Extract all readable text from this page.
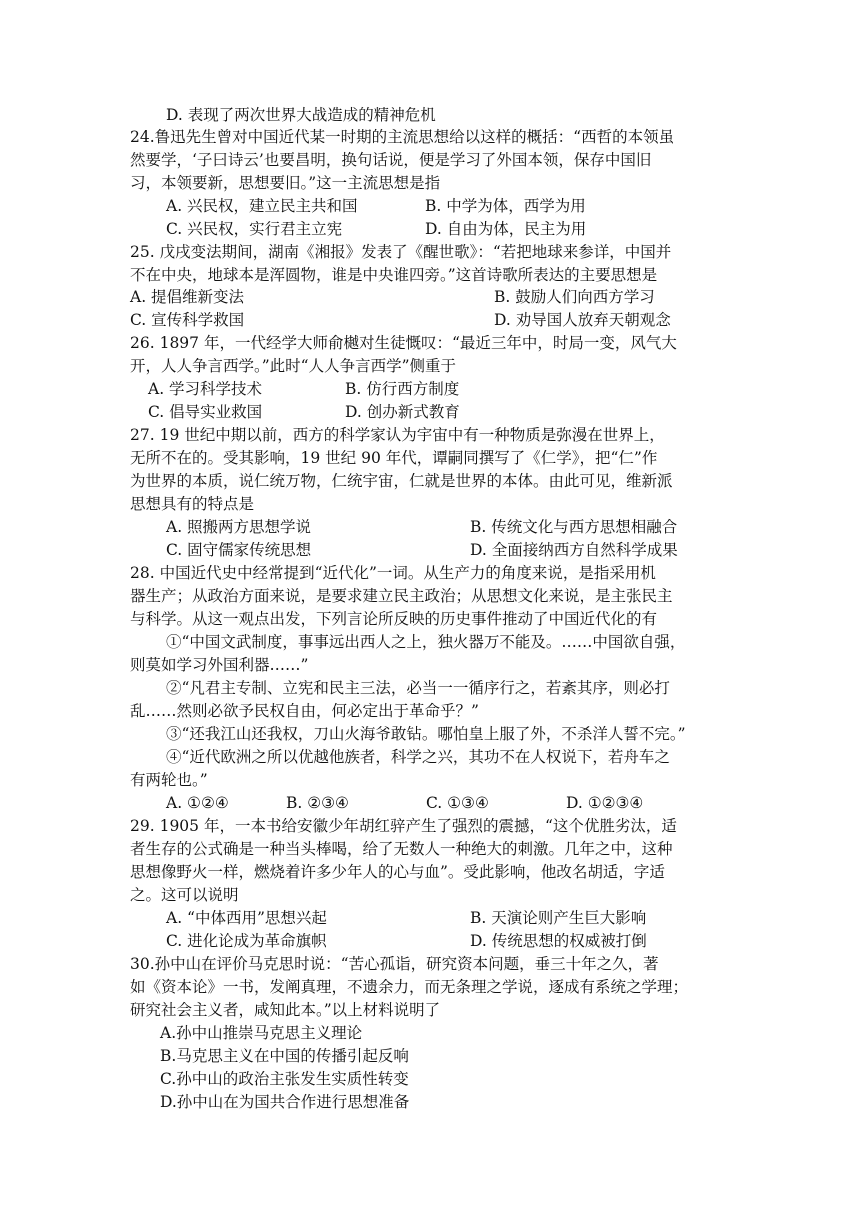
D. 表现了两次世界大战造成的精神危机
24.鲁迅先生曾对中国近代某一时期的主流思想给以这样的概括：“西哲的本领虽
然要学，‘子曰诗云’也要昌明，换句话说，便是学习了外国本领，保存中国旧
习，本领要新，思想要旧。”这一主流思想是指
A. 兴民权，建立民主共和国	B. 中学为体，西学为用
C. 兴民权，实行君主立宪	D. 自由为体，民主为用
25. 戊戌变法期间，湖南《湘报》发表了《醒世歌》：“若把地球来参详，中国并
不在中央，地球本是浑圆物，谁是中央谁四旁。”这首诗歌所表达的主要思想是
A. 提倡维新变法	B. 鼓励人们向西方学习
C. 宣传科学救国	D. 劝导国人放弃天朝观念
26. 1897 年，一代经学大师俞樾对生徒慨叹：“最近三年中，时局一变，风气大
开，人人争言西学。”此时“人人争言西学”侧重于
A. 学习科学技术	B. 仿行西方制度
C. 倡导实业救国	D. 创办新式教育
27. 19 世纪中期以前，西方的科学家认为宇宙中有一种物质是弥漫在世界上，
无所不在的。受其影响，19 世纪 90 年代，谭嗣同撰写了《仁学》，把“仁”作
为世界的本质，说仁统万物，仁统宇宙，仁就是世界的本体。由此可见，维新派
思想具有的特点是
A. 照搬两方思想学说	B. 传统文化与西方思想相融合
C. 固守儒家传统思想	D. 全面接纳西方自然科学成果
28. 中国近代史中经常提到“近代化”一词。从生产力的角度来说，是指采用机
器生产；从政治方面来说，是要求建立民主政治；从思想文化来说，是主张民主
与科学。从这一观点出发，下列言论所反映的历史事件推动了中国近代化的有
①“中国文武制度，事事远出西人之上，独火器万不能及。……中国欲自强，
则莫如学习外国利器……”
②“凡君主专制、立宪和民主三法，必当一一循序行之，若紊其序，则必打
乱……然则必欲予民权自由，何必定出于革命乎？”
③“还我江山还我权，刀山火海爷敢钻。哪怕皇上服了外，不杀洋人誓不完。”
④“近代欧洲之所以优越他族者，科学之兴，其功不在人权说下，若舟车之
有两轮也。”
A. ①②④	B. ②③④	C. ①③④	D. ①②③④
29. 1905 年，一本书给安徽少年胡红骍产生了强烈的震撼，“这个优胜劣汰，适
者生存的公式确是一种当头棒喝，给了无数人一种绝大的刺激。几年之中，这种
思想像野火一样，燃烧着许多少年人的心与血”。受此影响，他改名胡适，字适
之。这可以说明
A. “中体西用”思想兴起	B. 天演论则产生巨大影响
C. 进化论成为革命旗帜	D. 传统思想的权威被打倒
30.孙中山在评价马克思时说：“苦心孤诣，研究资本问题，垂三十年之久，著
如《资本论》一书，发阐真理，不遗余力，而无条理之学说，逐成有系统之学理；
研究社会主义者，咸知此本。”以上材料说明了
A.孙中山推崇马克思主义理论
B.马克思主义在中国的传播引起反响
C.孙中山的政治主张发生实质性转变
D.孙中山在为国共合作进行思想准备
